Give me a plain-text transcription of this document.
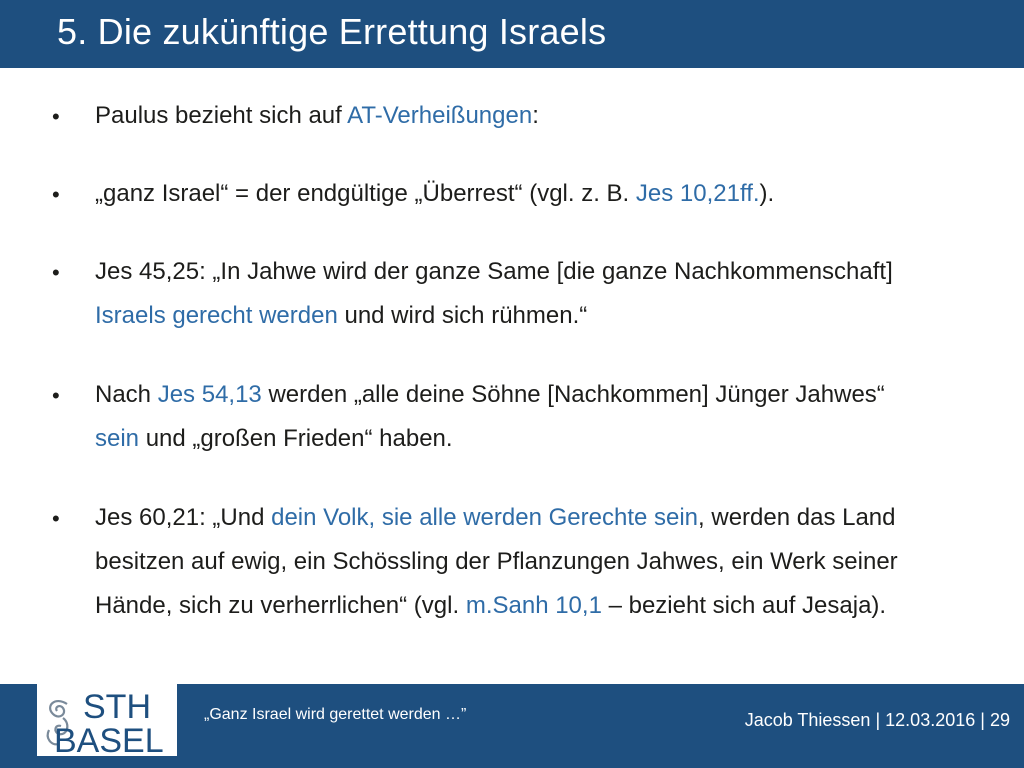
5. Die zukünftige Errettung Israels
• Paulus bezieht sich auf AT-Verheißungen:
• „ganz Israel“ = der endgültige „Überrest“ (vgl. z. B. Jes 10,21ff.).
• Jes 45,25: „In Jahwe wird der ganze Same [die ganze Nachkommenschaft]
Israels gerecht werden und wird sich rühmen.“
• Nach Jes 54,13 werden „alle deine Söhne [Nachkommen] Jünger Jahwes“
sein und „großen Frieden“ haben.
• Jes 60,21: „Und dein Volk, sie alle werden Gerechte sein, werden das Land
besitzen auf ewig, ein Schössling der Pflanzungen Jahwes, ein Werk seiner
Hände, sich zu verherrlichen“ (vgl. m.Sanh 10,1 – bezieht sich auf Jesaja).
STH
BASEL
„Ganz Israel wird gerettet werden …”	Jacob Thiessen | 12.03.2016 | 29
